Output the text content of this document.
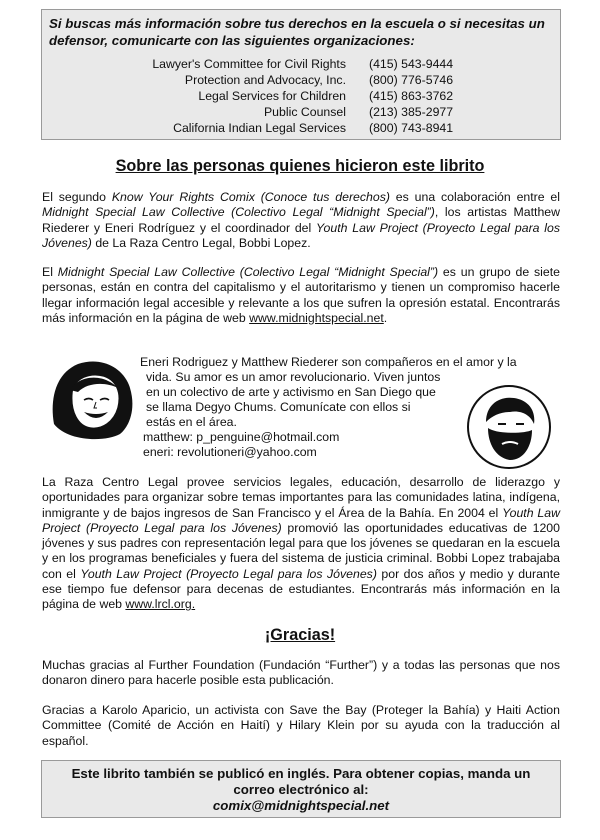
Si buscas más información sobre tus derechos en la escuela o si necesitas un defensor, comunicarte con las siguientes organizaciones:
Lawyer's Committee for Civil Rights (415) 543-9444
Protection and Advocacy, Inc. (800) 776-5746
Legal Services for Children (415) 863-3762
Public Counsel (213) 385-2977
California Indian Legal Services (800) 743-8941
Sobre las personas quienes hicieron este librito

El segundo Know Your Rights Comix (Conoce tus derechos) es una colaboración entre el Midnight Special Law Collective (Colectivo Legal “Midnight Special”), los artistas Matthew Riederer y Eneri Rodríguez y el coordinador del Youth Law Project (Proyecto Legal para los Jóvenes) de La Raza Centro Legal, Bobbi Lopez.

El Midnight Special Law Collective (Colectivo Legal “Midnight Special”) es un grupo de siete personas, están en contra del capitalismo y el autoritarismo y tienen un compromiso hacerle llegar información legal accesible y relevante a los que sufren la opresión estatal. Encontrarás más información en la página de web www.midnightspecial.net.

Eneri Rodriguez y Matthew Riederer son compañeros en el amor y la
vida. Su amor es un amor revolucionario. Viven juntos
en un colectivo de arte y activismo en San Diego que
se llama Degyo Chums. Comunícate con ellos si
estás en el área.
matthew: p_penguine@hotmail.com
eneri: revolutioneri@yahoo.com

La Raza Centro Legal provee servicios legales, educación, desarrollo de liderazgo y oportunidades para organizar sobre temas importantes para las comunidades latina, indígena, inmigrante y de bajos ingresos de San Francisco y el Área de la Bahía. En 2004 el Youth Law Project (Proyecto Legal para los Jóvenes) promovió las oportunidades educativas de 1200 jóvenes y sus padres con representación legal para que los jóvenes se quedaran en la escuela y en los programas beneficiales y fuera del sistema de justicia criminal. Bobbi Lopez trabajaba con el Youth Law Project (Proyecto Legal para los Jóvenes) por dos años y medio y durante ese tiempo fue defensor para decenas de estudiantes. Encontrarás más información en la página de web www.lrcl.org.

¡Gracias!

Muchas gracias al Further Foundation (Fundación “Further”) y a todas las personas que nos donaron dinero para hacerle posible esta publicación.

Gracias a Karolo Aparicio, un activista con Save the Bay (Proteger la Bahía) y Haiti Action Committee (Comité de Acción en Haití) y Hilary Klein por su ayuda con la traducción al español.

Este librito también se publicó en inglés. Para obtener copias, manda un
correo electrónico al:
comix@midnightspecial.net
